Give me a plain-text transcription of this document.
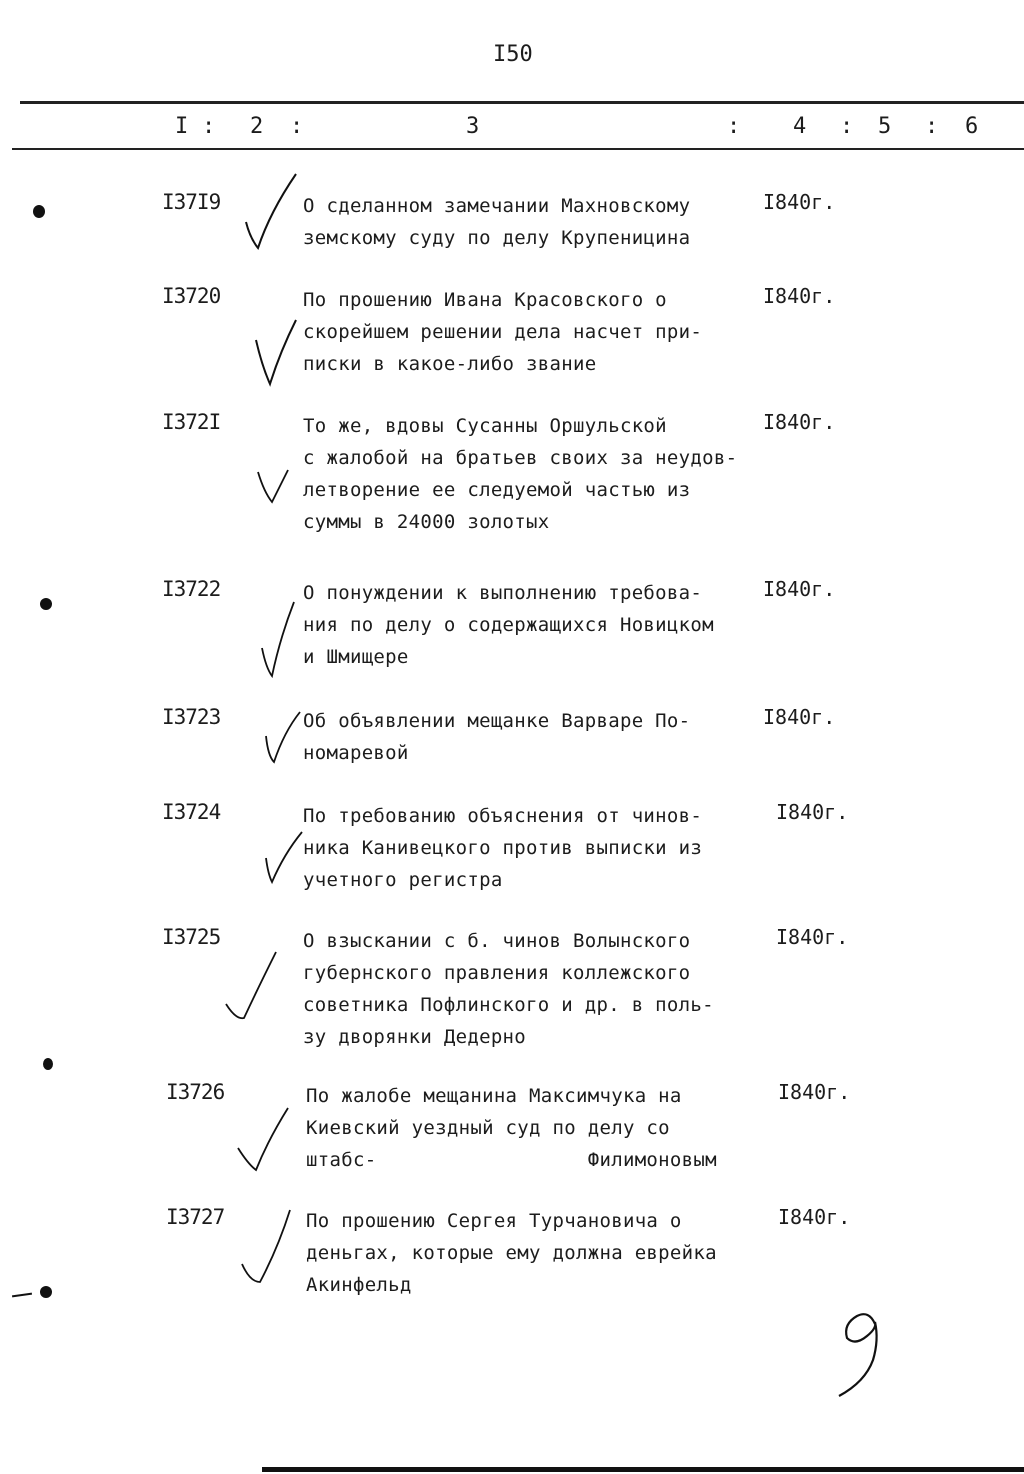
I50
I : 2 :	3	: 4 : 5 : 6
I37I9	О сделанном замечании Махновскому
земскому суду по делу Крупеницина
I840г.
I3720	По прошению Ивана Красовского о
скорейшем решении дела насчет при-
писки в какое-либо звание
I840г.
I372I	То же, вдовы Сусанны Оршульской
с жалобой на братьев своих за неудов-
летворение ее следуемой частью из
суммы в 24000 золотых
I840г.
I3722	О понуждении к выполнению требова-
ния по делу о содержащихся Новицком
и Шмищере
I840г.
I3723	Об объявлении мещанке Варваре По-
номаревой
I840г.
I3724	По требованию объяснения от чинов-
ника Канивецкого против выписки из
учетного регистра
I840г.
I3725	О взыскании с б. чинов Волынского
губернского правления коллежского
советника Пофлинского и др. в поль-
зу дворянки Дедерно
I840г.
I3726	По жалобе мещанина Максимчука на
Киевский уездный суд по делу со
штабс-                  Филимоновым
I840г.
I3727	По прошению Сергея Турчановича о
деньгах, которые ему должна еврейка
Акинфельд
I840г.
